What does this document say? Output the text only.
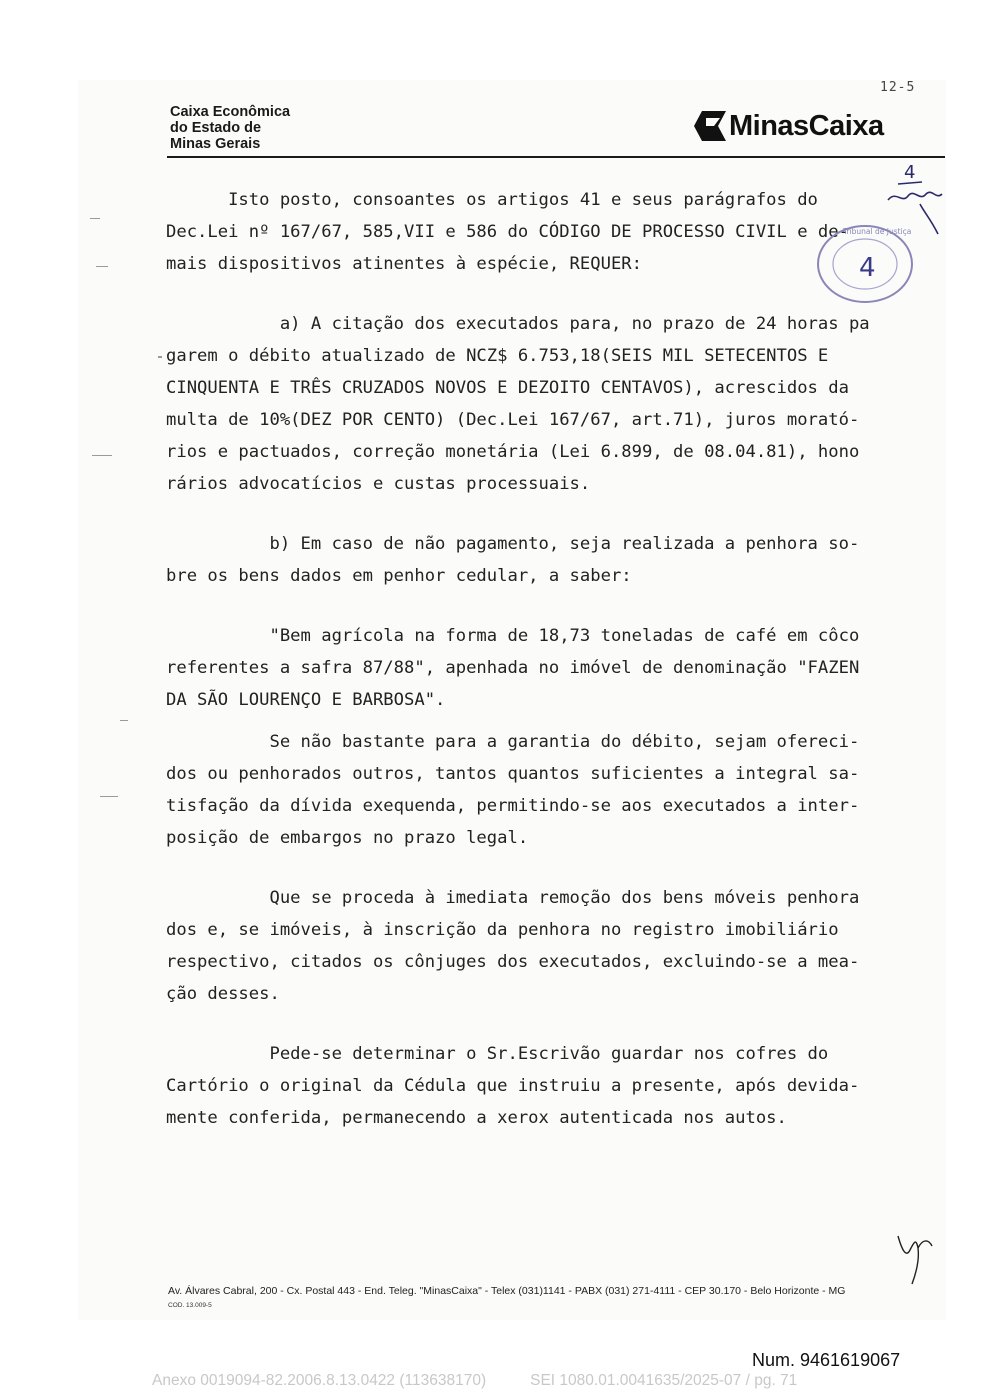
12-5
Caixa Econômica
do Estado de
Minas Gerais
MinasCaixa
Isto posto, consoantes os artigos 41 e seus parágrafos do
Dec.Lei nº 167/67, 585,VII e 586 do CÓDIGO DE PROCESSO CIVIL e de-
mais dispositivos atinentes à espécie, REQUER:
a) A citação dos executados para, no prazo de 24 horas pa
garem o débito atualizado de NCZ$ 6.753,18(SEIS MIL SETECENTOS E
CINQUENTA E TRÊS CRUZADOS NOVOS E DEZOITO CENTAVOS), acrescidos da
multa de 10%(DEZ POR CENTO) (Dec.Lei 167/67, art.71), juros morató-
rios e pactuados, correção monetária (Lei 6.899, de 08.04.81), hono
rários advocatícios e custas processuais.
b) Em caso de não pagamento, seja realizada a penhora so-
bre os bens dados em penhor cedular, a saber:
"Bem agrícola na forma de 18,73 toneladas de café em côco
referentes a safra 87/88", apenhada no imóvel de denominação "FAZEN
DA SÃO LOURENÇO E BARBOSA".
Se não bastante para a garantia do débito, sejam ofereci-
dos ou penhorados outros, tantos quantos suficientes a integral sa-
tisfação da dívida exequenda, permitindo-se aos executados a inter-
posição de embargos no prazo legal.
Que se proceda à imediata remoção dos bens móveis penhora
dos e, se imóveis, à inscrição da penhora no registro imobiliário
respectivo, citados os cônjuges dos executados, excluindo-se a mea-
ção desses.
Pede-se determinar o Sr.Escrivão guardar nos cofres do
Cartório o original da Cédula que instruiu a presente, após devida-
mente conferida, permanecendo a xerox autenticada nos autos.
4
Tribunal de Justiça
4
Av. Álvares Cabral, 200 - Cx. Postal 443 - End. Teleg. "MinasCaixa" - Telex (031)1141 - PABX (031) 271-4111 - CEP 30.170 - Belo Horizonte - MG
COD. 13.009-5
Num. 9461619067
Anexo 0019094-82.2006.8.13.0422 (113638170)	SEI 1080.01.0041635/2025-07 / pg. 71
